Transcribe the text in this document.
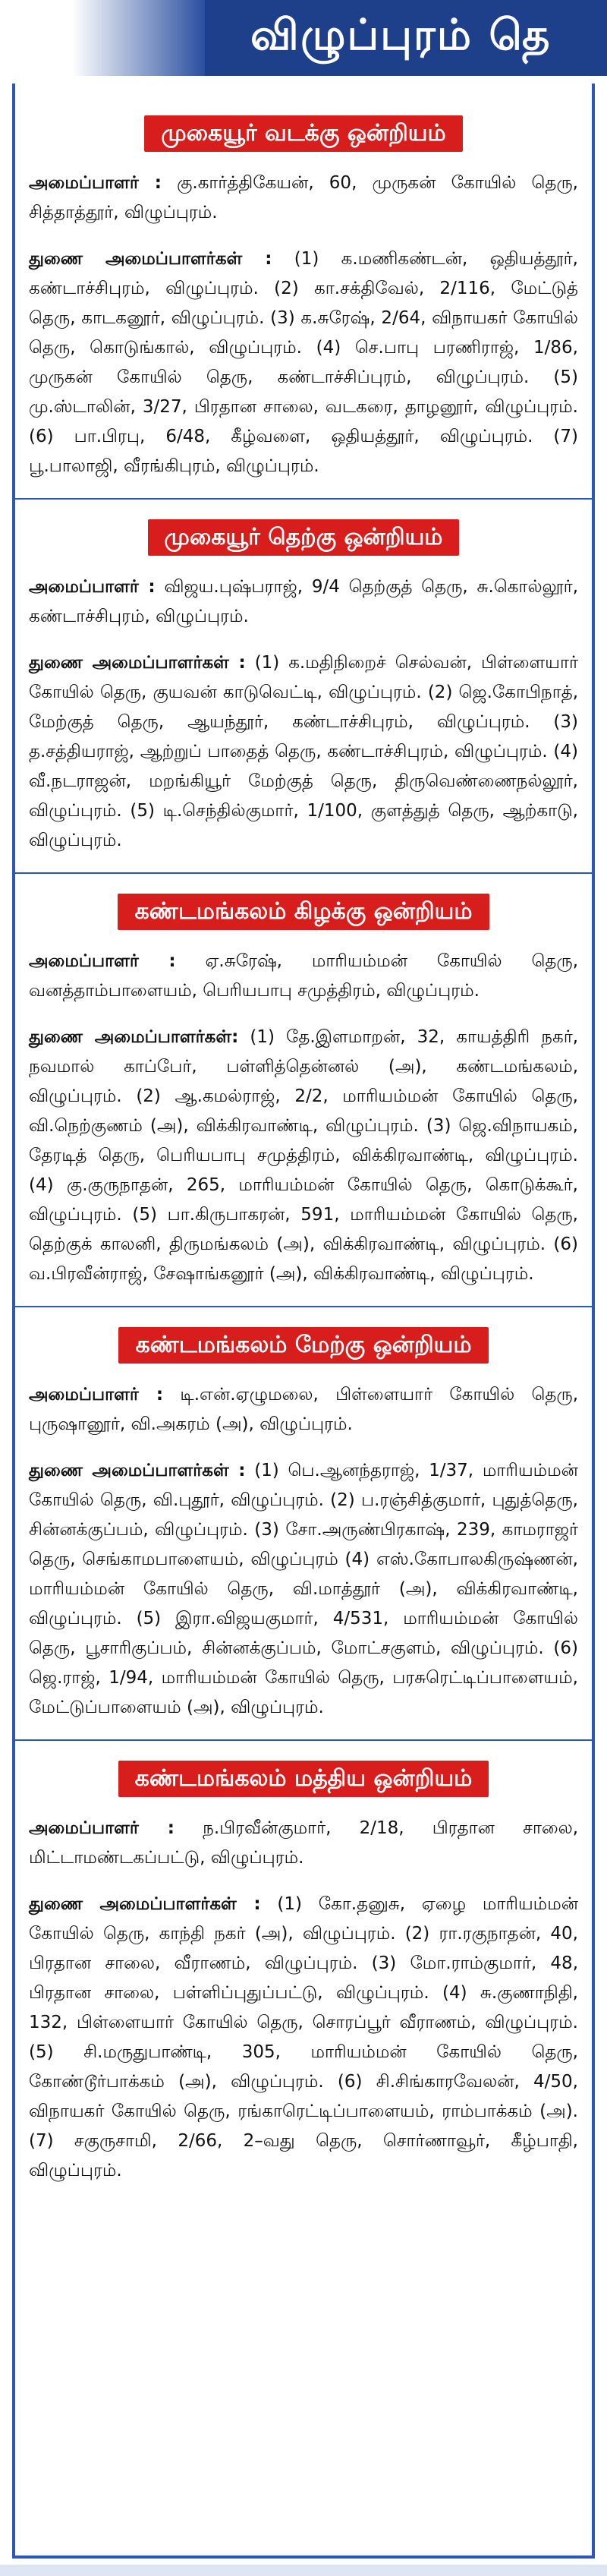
விழுப்புரம் தெ
முகையூர் வடக்கு ஒன்றியம்

அமைப்பாளர் : கு.கார்த்திகேயன், 60, முருகன் கோயில் தெரு, சித்தாத்தூர், விழுப்புரம்.

துணை அமைப்பாளர்கள் : (1) க.மணிகண்டன், ஒதியத்தூர், கண்டாச்சிபுரம், விழுப்புரம். (2) கா.சக்திவேல், 2/116, மேட்டுத் தெரு, காடகனூர், விழுப்புரம். (3) க.சுரேஷ், 2/64, விநாயகர் கோயில் தெரு, கொடுங்கால், விழுப்புரம். (4) செ.பாபு பரணிராஜ், 1/86, முருகன் கோயில் தெரு, கண்டாச்சிப்புரம், விழுப்புரம். (5) மு.ஸ்டாலின், 3/27, பிரதான சாலை, வடகரை, தாழனூர், விழுப்புரம். (6) பா.பிரபு, 6/48, கீழ்வளை, ஒதியத்தூர், விழுப்புரம். (7) பூ.பாலாஜி, வீரங்கிபுரம், விழுப்புரம்.

முகையூர் தெற்கு ஒன்றியம்

அமைப்பாளர் : விஜய.புஷ்பராஜ், 9/4 தெற்குத் தெரு, சு.கொல்லூர், கண்டாச்சிபுரம், விழுப்புரம்.

துணை அமைப்பாளர்கள் : (1) க.மதிநிறைச் செல்வன், பிள்ளையார் கோயில் தெரு, குயவன் காடுவெட்டி, விழுப்புரம். (2) ஜெ.கோபிநாத், மேற்குத் தெரு, ஆயந்தூர், கண்டாச்சிபுரம், விழுப்புரம். (3) த.சத்தியராஜ், ஆற்றுப் பாதைத் தெரு, கண்டாச்சிபுரம், விழுப்புரம். (4) வீ.நடராஜன், மறங்கியூர் மேற்குத் தெரு, திருவெண்ணைநல்லூர், விழுப்புரம். (5) டி.செந்தில்குமார், 1/100, குளத்துத் தெரு, ஆற்காடு, விழுப்புரம்.

கண்டமங்கலம் கிழக்கு ஒன்றியம்

அமைப்பாளர் : ஏ.சுரேஷ், மாரியம்மன் கோயில் தெரு, வனத்தாம்பாளையம், பெரியபாபு சமுத்திரம், விழுப்புரம்.

துணை அமைப்பாளர்கள்: (1) தே.இளமாறன், 32, காயத்திரி நகர், நவமால் காப்பேர், பள்ளித்தென்னல் (அ), கண்டமங்கலம், விழுப்புரம். (2) ஆ.கமல்ராஜ், 2/2, மாரியம்மன் கோயில் தெரு, வி.நெற்குணம் (அ), விக்கிரவாண்டி, விழுப்புரம். (3) ஜெ.விநாயகம், தேரடித் தெரு, பெரியபாபு சமுத்திரம், விக்கிரவாண்டி, விழுப்புரம். (4) கு.குருநாதன், 265, மாரியம்மன் கோயில் தெரு, கொடுக்கூர், விழுப்புரம். (5) பா.கிருபாகரன், 591, மாரியம்மன் கோயில் தெரு, தெற்குக் காலனி, திருமங்கலம் (அ), விக்கிரவாண்டி, விழுப்புரம். (6) வ.பிரவீன்ராஜ், சேஷாங்கனூர் (அ), விக்கிரவாண்டி, விழுப்புரம்.

கண்டமங்கலம் மேற்கு ஒன்றியம்

அமைப்பாளர் : டி.என்.ஏழுமலை, பிள்ளையார் கோயில் தெரு, புருஷானூர், வி.அகரம் (அ), விழுப்புரம்.

துணை அமைப்பாளர்கள் : (1) பெ.ஆனந்தராஜ், 1/37, மாரியம்மன் கோயில் தெரு, வி.புதூர், விழுப்புரம். (2) ப.ரஞ்சித்குமார், புதுத்தெரு, சின்னக்குப்பம், விழுப்புரம். (3) சோ.அருண்பிரகாஷ், 239, காமராஜர் தெரு, செங்காமபாளையம், விழுப்புரம் (4) எஸ்.கோபாலகிருஷ்ணன், மாரியம்மன் கோயில் தெரு, வி.மாத்தூர் (அ), விக்கிரவாண்டி, விழுப்புரம். (5) இரா.விஜயகுமார், 4/531, மாரியம்மன் கோயில் தெரு, பூசாரிகுப்பம், சின்னக்குப்பம், மோட்சகுளம், விழுப்புரம். (6) ஜெ.ராஜ், 1/94, மாரியம்மன் கோயில் தெரு, பரசுரெட்டிப்பாளையம், மேட்டுப்பாளையம் (அ), விழுப்புரம்.

கண்டமங்கலம் மத்திய ஒன்றியம்

அமைப்பாளர் : ந.பிரவீன்குமார், 2/18, பிரதான சாலை, மிட்டாமண்டகப்பட்டு, விழுப்புரம்.

துணை அமைப்பாளர்கள் : (1) கோ.தனுசு, ஏழை மாரியம்மன் கோயில் தெரு, காந்தி நகர் (அ), விழுப்புரம். (2) ரா.ரகுநாதன், 40, பிரதான சாலை, வீராணம், விழுப்புரம். (3) மோ.ராம்குமார், 48, பிரதான சாலை, பள்ளிப்புதுப்பட்டு, விழுப்புரம். (4) சு.குணாநிதி, 132, பிள்ளையார் கோயில் தெரு, சொரப்பூர் வீராணம், விழுப்புரம். (5) சி.மருதுபாண்டி, 305, மாரியம்மன் கோயில் தெரு, கோண்டூர்பாக்கம் (அ), விழுப்புரம். (6) சி.சிங்காரவேலன், 4/50, விநாயகர் கோயில் தெரு, ரங்காரெட்டிப்பாளையம், ராம்பாக்கம் (அ). (7) சகுருசாமி, 2/66, 2–வது தெரு, சொர்ணாவூர், கீழ்பாதி, விழுப்புரம்.
